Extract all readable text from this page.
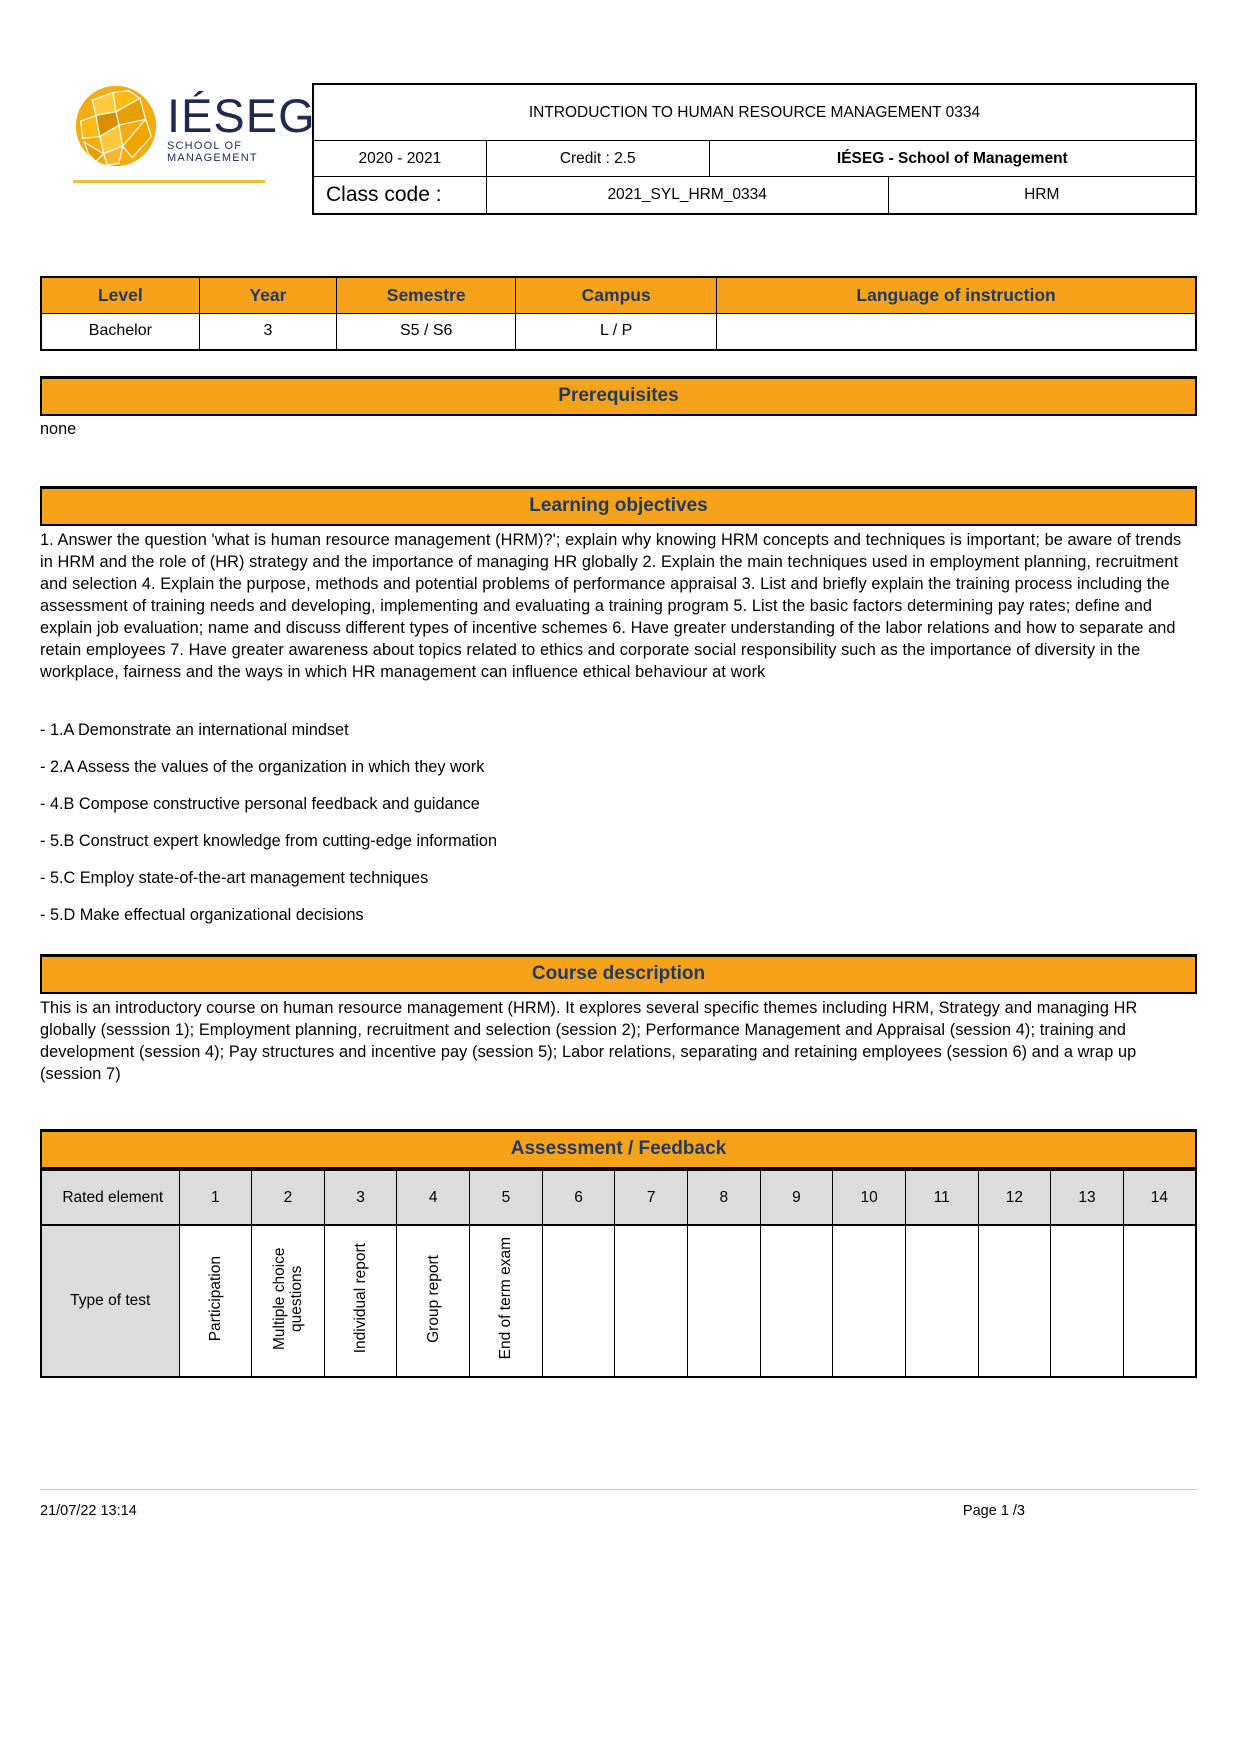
IÉSEG
SCHOOL OF MANAGEMENT
INTRODUCTION TO HUMAN RESOURCE MANAGEMENT 0334
2020 - 2021	Credit : 2.5	IÉSEG - School of Management
Class code :	2021_SYL_HRM_0334	HRM
Level	Year	Semestre	Campus	Language of instruction
Bachelor	3	S5 / S6	L / P	
Prerequisites
none
Learning objectives
1. Answer the question 'what is human resource management (HRM)?'; explain why knowing HRM concepts and techniques is important; be aware of trends in HRM and the role of (HR) strategy and the importance of managing HR globally 2. Explain the main techniques used in employment planning, recruitment and selection 4. Explain the purpose, methods and potential problems of performance appraisal 3. List and briefly explain the training process including the assessment of training needs and developing, implementing and evaluating a training program 5. List the basic factors determining pay rates; define and explain job evaluation; name and discuss different types of incentive schemes 6. Have greater understanding of the labor relations and how to separate and retain employees 7. Have greater awareness about topics related to ethics and corporate social responsibility such as the importance of diversity in the workplace, fairness and the ways in which HR management can influence ethical behaviour at work
- 1.A Demonstrate an international mindset
- 2.A Assess the values of the organization in which they work
- 4.B Compose constructive personal feedback and guidance
- 5.B Construct expert knowledge from cutting-edge information
- 5.C Employ state-of-the-art management techniques
- 5.D Make effectual organizational decisions
Course description
This is an introductory course on human resource management (HRM). It explores several specific themes including HRM, Strategy and managing HR globally (sesssion 1); Employment planning, recruitment and selection (session 2); Performance Management and Appraisal (session 4); training and development (session 4); Pay structures and incentive pay (session 5); Labor relations, separating and retaining employees (session 6) and a wrap up (session 7)
Assessment / Feedback
Rated element	1	2	3	4	5	6	7	8	9	10	11	12	13	14
Type of test	Participation	Multiple choice questions	Individual report	Group report	End of term exam									
21/07/22 13:14	Page 1 /3
